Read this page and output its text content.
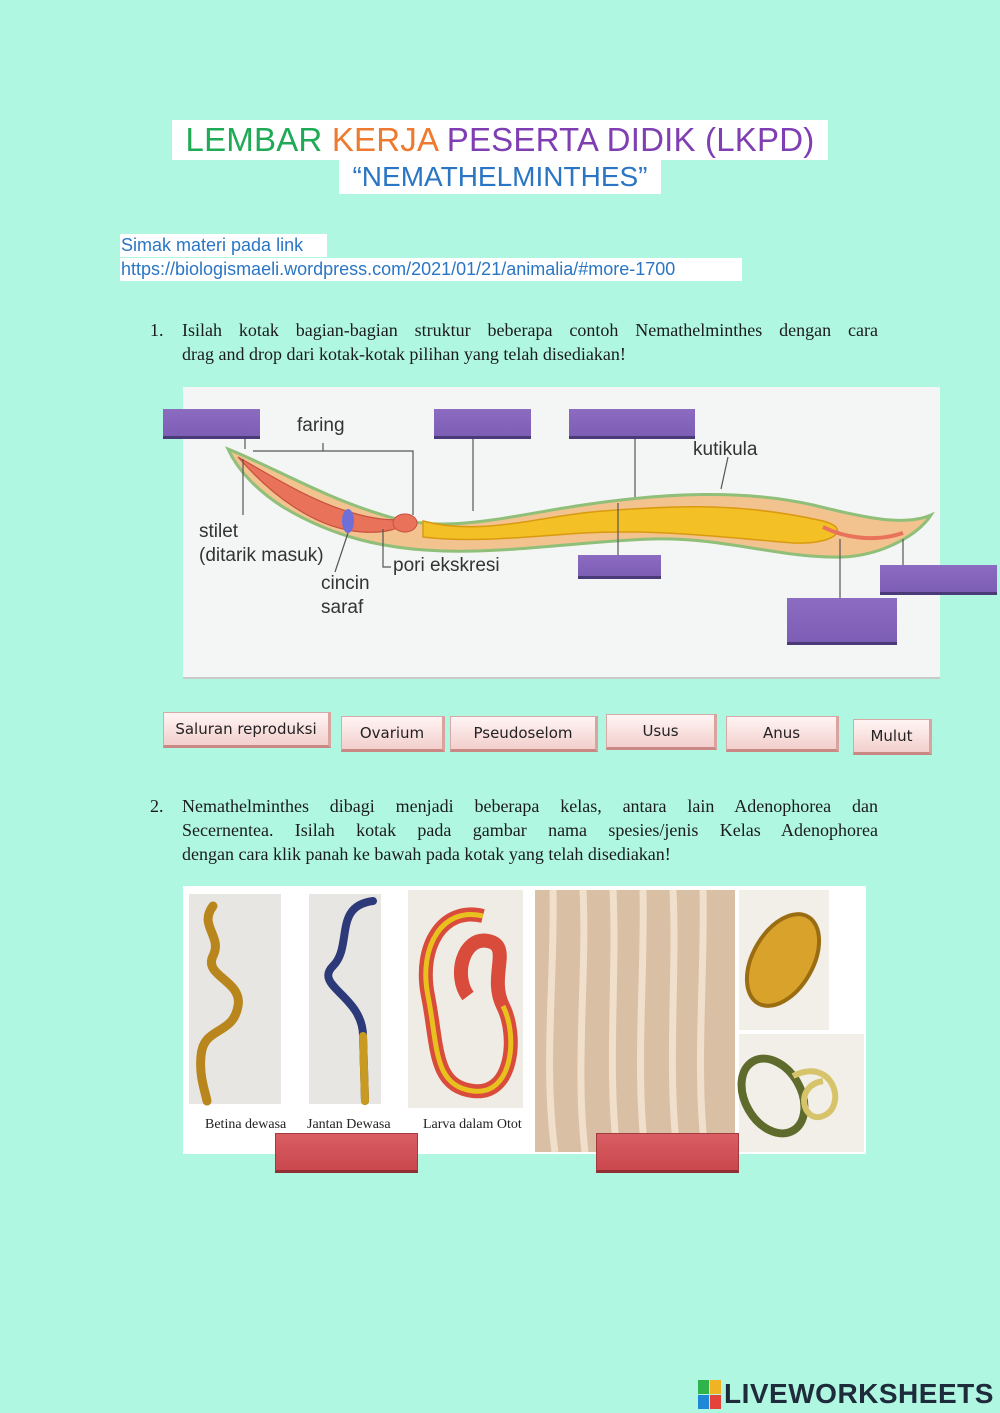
LEMBAR KERJA PESERTA DIDIK (LKPD)
“NEMATHELMINTHES”
Simak materi pada link
https://biologismaeli.wordpress.com/2021/01/21/animalia/#more-1700
1. Isilah kotak bagian-bagian struktur beberapa contoh Nemathelminthes dengan cara
drag and drop dari kotak-kotak pilihan yang telah disediakan!
faring
kutikula
stilet
(ditarik masuk)	pori ekskresi
cincin
saraf
Saluran reproduksi	Ovarium	Pseudoselom	Usus	Anus	Mulut
2. Nemathelminthes dibagi menjadi beberapa kelas, antara lain Adenophorea dan
Secernentea. Isilah kotak pada gambar nama spesies/jenis Kelas Adenophorea
dengan cara klik panah ke bawah pada kotak yang telah disediakan!
Betina dewasa Jantan Dewasa Larva dalam Otot
LIVEWORKSHEETS
